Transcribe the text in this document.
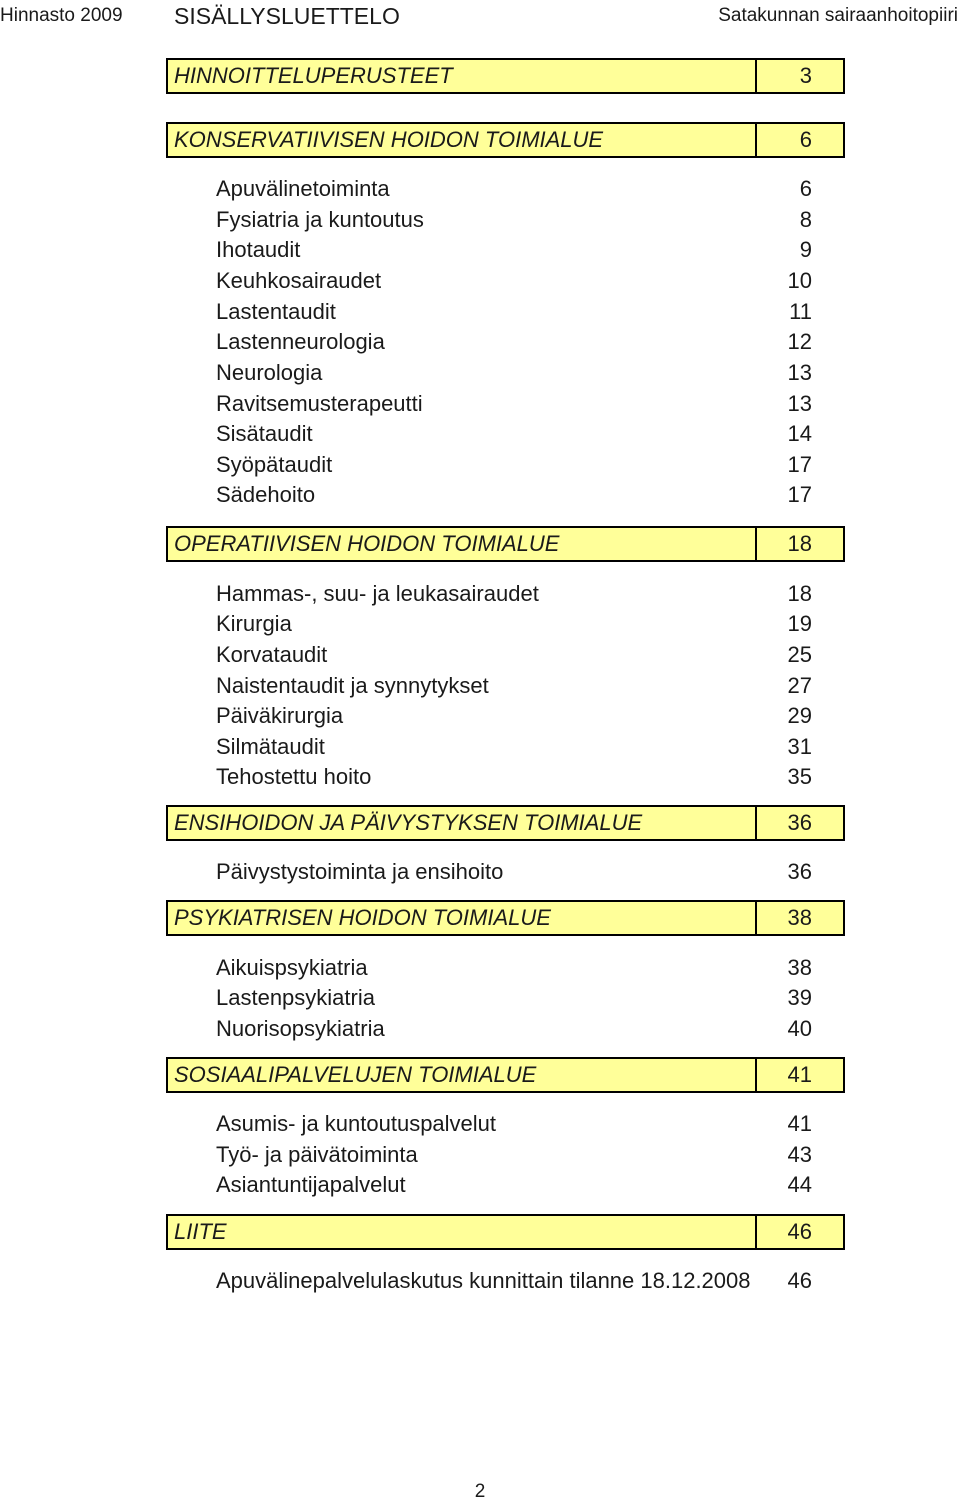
Hinnasto 2009 SISÄLLYSLUETTELO	Satakunnan sairaanhoitopiiri
HINNOITTELUPERUSTEET	3
KONSERVATIIVISEN HOIDON TOIMIALUE	6
Apuvälinetoiminta	6
Fysiatria ja kuntoutus	8
Ihotaudit	9
Keuhkosairaudet	10
Lastentaudit	11
Lastenneurologia	12
Neurologia	13
Ravitsemusterapeutti	13
Sisätaudit	14
Syöpätaudit	17
Sädehoito	17
OPERATIIVISEN HOIDON TOIMIALUE	18
Hammas-, suu- ja leukasairaudet	18
Kirurgia	19
Korvataudit	25
Naistentaudit ja synnytykset	27
Päiväkirurgia	29
Silmätaudit	31
Tehostettu hoito	35
ENSIHOIDON JA PÄIVYSTYKSEN TOIMIALUE	36
Päivystystoiminta ja ensihoito	36
PSYKIATRISEN HOIDON TOIMIALUE	38
Aikuispsykiatria	38
Lastenpsykiatria	39
Nuorisopsykiatria	40
SOSIAALIPALVELUJEN TOIMIALUE	41
Asumis- ja kuntoutuspalvelut	41
Työ- ja päivätoiminta	43
Asiantuntijapalvelut	44
LIITE	46
Apuvälinepalvelulaskutus kunnittain tilanne 18.12.2008 46
2
